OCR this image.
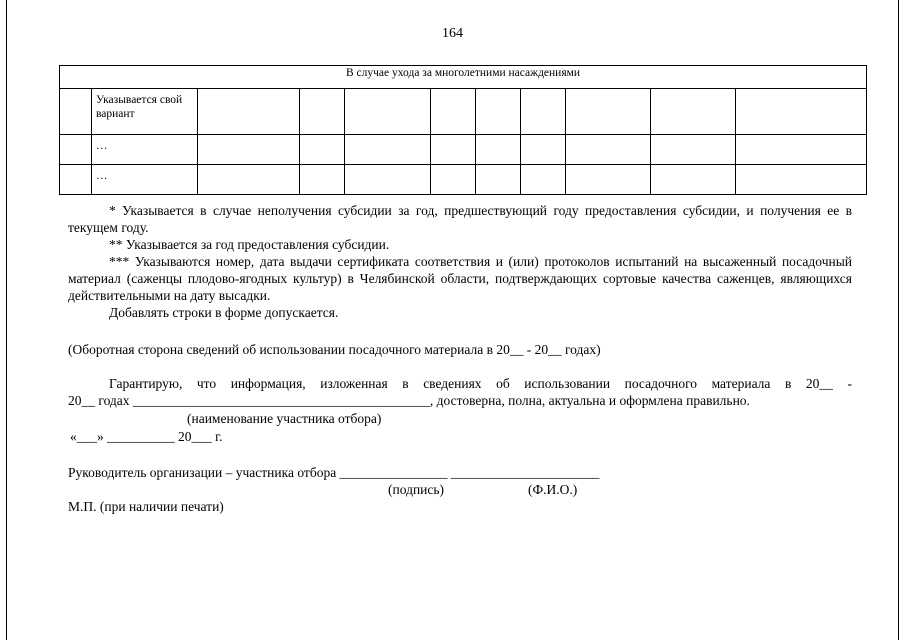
164
В случае ухода за многолетними насаждениями										
	Указывается свой вариант									
	…									
	…									

* Указывается в случае неполучения субсидии за год, предшествующий году предоставления субсидии, и получения ее в текущем году.

** Указывается за год предоставления субсидии.

*** Указываются номер, дата выдачи сертификата соответствия и (или) протоколов испытаний на высаженный посадочный материал (саженцы плодово-ягодных культур) в Челябинской области, подтверждающих сортовые качества саженцев, являющихся действительными на дату высадки.

Добавлять строки в форме допускается.

(Оборотная сторона сведений об использовании посадочного материала в 20__ - 20__ годах)
Гарантирую, что информация, изложенная в сведениях об использовании посадочного материала в 20__ -
20__ годах ____________________________________________, достоверна, полна, актуальна и оформлена правильно.
(наименование участника отбора)
«___» __________ 20___ г.
Руководитель организации – участника отбора ________________ ______________________
(подпись)	(Ф.И.О.)
М.П. (при наличии печати)
